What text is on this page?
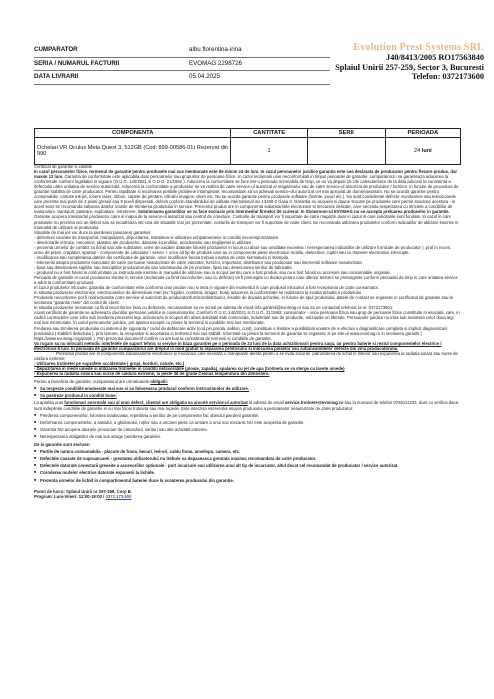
CUMPARATOR	albu florentina-irina
SERIA / NUMARUL FACTURII	EVOMAG 2298726
DATA LIVRARII	05.04.2025
Evolution Prest Systems SRL
J40/8413/2005 RO17563840
Splaiul Unirii 257-259, Sector 3, Bucuresti
Telefon: 0372173600
COMPONENTA	CANTITATE	SERII	PERIOADA
Ochelari VR Oculus Meta Quest 3, 512GB (Cod: 899-00586-01) Rezervat din 990	1		24 luni

Certificat de garantie si calitate

In cazul persoanelor fizice, termenul de garantie pentru produsele mai sus mentionate este de minim 24 de luni. In cazul persoanelor juridice garantia este cea declarata de producator pentru fiecare produs, dar maxim 12 luni. Garantia de conformitate este aplicabila doar persoanelor sau grupurilor de persoane fizice. In cazul reclamarii unei neconformitati in timpul perioadei de garantie, cumparatorul i se garanteaza aducerea la conformitate conform legislatiei in vigoare (O.U.G. 140/2021 si O.U.G. 21/1992 ). Aducerea la conformitate se face intr-o perioada rezonabila de timp, ce nu va depasi 15 zile calendaristice de la data aducerii la cunostinta a defectului catre unitatea de service autorizata. Aducerea la conformitate a produselor se va realiza de catre service-ul autorizat al magazinului sau de catre service-ul autorizat de producator / furnizor. In functie de procedura de garantie stabilita de catre producator. Pentru rapiditate si rezolvarea posibile probleme intampinate, recomandam sa va adresati service-ului autorizat cel mai apropiat de dumneavoastra. Nu se acorda garantie pentru consumabile: cartuse ink-jet, tonere laser, ribbon, capete de printare, cilindru imagine, drum etc. Nu se acorda garantie pentru produsele software (licente, jocuri etc.). Nu sunt considerate defecte monitoarele sau televizoarele care prezinta mai putin de 3 pixeli greseit sau 5 pixeli dispersati, defecti conform standardului de calitate international iso 13406-2 clasa II. Garantia nu acopera si daune stocate pe produsele care permit stocarea acestora - in acest sens se recomanda salvarea datelor inainte de trimiterea produsului in service. Prezentul produs are in componenta subansamble electronice si mecanice delicate, care necesita respectarea cu strictete a conditiilor de manipulare, transport, pastrare, exploatare, intretinere. Solutionarea garantiilor se va face exclusiv prin intermediul firmelor de curierat. In Showroom-ul EVOMAG nu se accepta preluarea produselor in garantie. Garantie acopera transportul produselor catre si inapoi de la service-ul autorizat sau centrul de colectare. Costurile de transport vor fi suportate de catre magazin doar in cazul in care solicitarile sunt fondate. In cazul in care produsele nu prezinta nici un defect sau se incadreaza intr-una din situatiile mai jos prezentate, costurile de transport vor fi suportate de catre client. Se recomanda utilizarea produselor conform indicatiilor de utilizare inscrise in manualul de utilizare al produsului.

Situatiile de mai jos vor duce la pierderea (anularea) garantiei:
- defectiuni cauzate de transportul, manipularea, depozitarea, instalarea si utilizarea echipamentelor in conditii necorespunzatoare.
- deteriorarile termice, mecanice, plastice ale produselor, datorate incendiilor, accidentelor sau neglijentei in utilizare.
- prezenta urmelor de contact cu lichid sau alte substante, urme de oxidare datorate folosirii produselor in locuri cu aburi sau umiditate excesiva / nerespectarea indicatiilor de utilizare furnizate de producator ), praf in exces, urme de pisari, crapaturi, sparturi - componente de calculator / server + orice alt tip de produse care au in componenta piese electronice mobile, dielectrice, ruptei sau cu traseele electronice intrerupte.
- modificarea sau completarea datelor din certificatul de garantie, orice modificare facuta trebuie insotita de catre semnatura si stampila.
- interventii asupra produselor executate de catre persoane neautorizate de catre vanzator, furnizor, importator, distribuitor sau producator sau interventii software neautorizate.
- lipsa sau deteriorarea sigiliilor sau inscriptiilor producatorului sau vanzatorului de pe produse, lipsa sau deteriorarea seriilor de fabricatie.
- produsul nu a fost folosit in conformitate cu instructiunile inscrise in manualul de utilizare sau in scopul pentru care a fost produs, sau nu a fost folosit cu accesorii sau consumabile originale.
Perioada de garantie in cazul produselor trimise in service (reclamate ca fiind neconforme, sau cu defecte) va fi prelungita cu durata pentru care ulterior tetinerii se prelungeste conform perioadei de timp in care unitatea service a adus la conformitate produsul.
In cazul produselor inlocuite: garantia de conformitate este conforma unui produs nou si intra in vigoare din momentul in care produsul inlocuitor a fost receptionat de catre consumator.
In situatia produselor electronice, electrocasnice de dimensiuni mari (ex: frigider, combina, aragaz, hota) aducerea la conformitate se realizeaza la locatia actuala a produsului.
Produsele neconforme pot fi redirectionate catre service-ul autorizat de producator/furnizor/distribuitor, insotite de dovada achizitiei, in functie de tipul produsului, datele de contact se regasesc in certificatul de garantie sau la sectiunea "garantie mele" din contul de client.
In situatia produselor reclamate ca fiind neconforme (sau cu defectele, recomandam sa ne scrieti pe adresa de email info.garantii@evomag.ro sau sa ne contactati telefonic la nr. 0372173601.
Acest certificat de garantie se adreseaza clientilor persoane juridice si consumatorilor. Conform O.U.G. 140/2021 si O.U.G. 21/1992: consumator - orice persoana fizica sau grup de persoane fizice constituite in asociatii, care, in cadrul contractelor care intra sub incidenta prezentei legi, actioneaza in scopuri din afara activitatii sale comerciale, industriale sau de productie, artizanale ori liberale. Persoanele juridice nu intra sub incidenta celor doua legi mai sus mentionate. In cazul persoanelor juridice, pot aparea exceptii cu privire la termenii si conditiile mai sus mentionate.
Predarea sau trimiterea produsului cu sistemul de siguranta / codul de deblocare activ (cod pin,parola, sablon, cont), constituie o limitare a posibilitatii noastre de a efectua o diagnosticare completa si implicit diagnosticarii produsului ( stabilirii defectului ), prin urmare, la rereparare si accesarea in termenul mai sus stabilit. Informatii cu privire la termenii de garantie se regasesc si pe site-ul www.evomag.ro in sectiunea garantii ( https://www.evomag.ro/garantii ). Prin prezentul document confirm ca am luat la cunostinta de termenii si conditiile de garantie.

Va rugam sa nu inlocuiti metodic interfetele de suport tehnic si service in baza garantiei pe o perioada de 24 luni de la data achizitionarii pentru saqu, iar pentru baterie si restul componentelor electrice / electronice 6 luni. In perioada de garantie cumparatorul are dreptul in mod gratuit la repararea produsului si inlocuirea pieselor sau subansamblelor defecte din vina producatorului.

Prezentul produs are in componenta subansamble electronice si mecanice care necesita o manipulare atenta pentru a se evita socurile, patrunderea de lichid in interior sau expunerea la radiatia solara sau surse de caldura extreme:

- Utilizarea trotinetei pe suprafete accidentate ( gropi, borduri, canale, etc.)
- Depozitarea in medii umede si utilizarea trotinetei in conditii nefavorabile (ploaie, zapada), spalarea cu jet de apa (trotineta se va sterge cu lavete umede)
- Expunerea la radiatia solara sau surse de caldura extreme; la peste 36 de grade Celsius temperatura din atmosfera.

Pentru a beneficia de garantie, cumparatorul are urmatoarele obligatii:

■ Sa respecte conditiile enumerate mai sus si sa foloseasca produsul conform instructiunilor de utilizare.

■ Sa pastreze produsul in conditii bune.

La aparitia unei functionari anormale sau al unui defect, clientul are obligatia sa anunte service-ul autorizat la adresa de email service.trotinete@evomag.ro sau la numarul de telefon 0726111333, doar cu verifica daca sunt indeplinite conditiile de garantie si nu mai folosi trotineta sau mai repede. Este interzisa interventia asupra produsului a persoanelor neautorizate de catre producator.

■ Pierderea componentelor, folosirea inadecvata, repetitivia a seriilor de pe componente fac obiectul pierderii garantiei.

■ Deformarea componentelor, a sasiului, a ghidonului, roților sau a oricarei piese ca urmare a unui soc mecanic NU este acoperita de garantie.

■ Garantia NU acopera daunele provocate de cascadorii, sarituri sau alte activitati extreme.

■ Nerespectarea obligatiilor de mai sus atrage pierderea garantiei.

De la garantie sunt excluse:

■ Partile de natura consumabila - placute de frana, becuri, led-uri, cablu frana, anvelopa, camera, etc.

■ Defectele cauzate de supraancarei - greutatea utilizatorului nu trebuie sa depaseasca greutata maxima recomandata de catre producator.

■ Defectele datorate conectarii greseite a accesoriilor optionale - port incarcare sau utilizarea unui alt tip de incarcator, altul decat cel recomandat de producator / service autorizat.

■ Coroderea mufelor electrice datorate expunerii la lichide.

■ Prezenta urmelor de lichid in compartimentul bateriei duce la scoaterea produsului din garantie.

Punct de lucru: Splaiul Unirii nr 257-259, Corp B.

Program: Luni-Vineri: 12:00-18:00 / 0372.173.600
